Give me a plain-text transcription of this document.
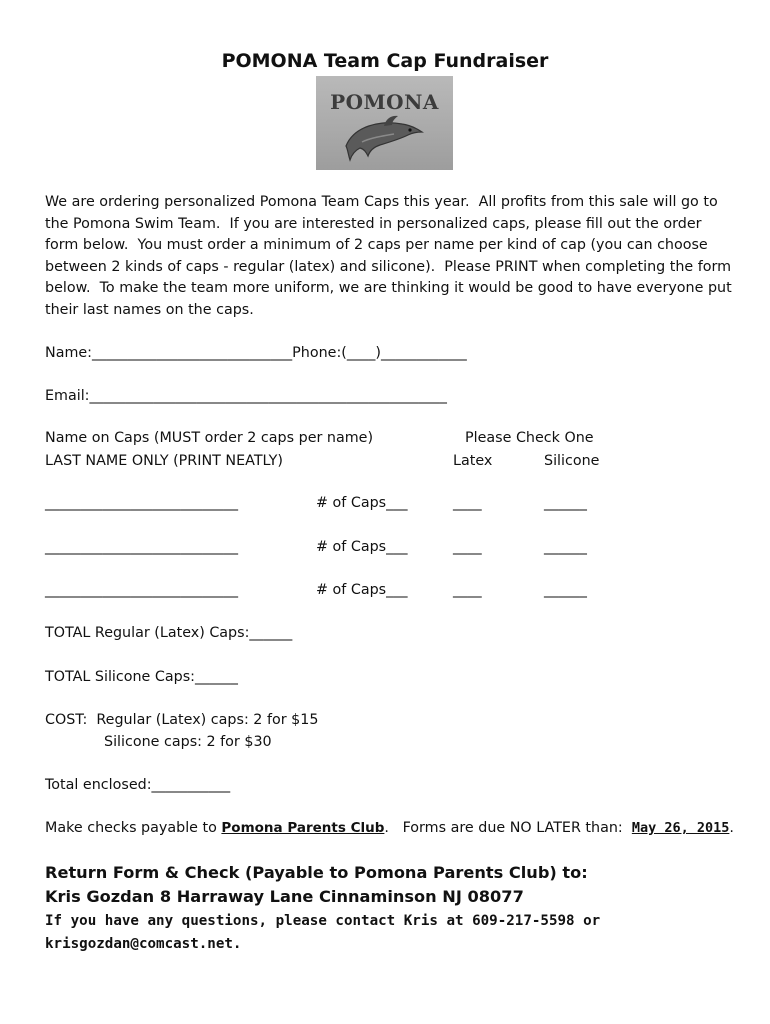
POMONA Team Cap Fundraiser
POMONA
We are ordering personalized Pomona Team Caps this year.  All profits from this sale will go to
the Pomona Swim Team.  If you are interested in personalized caps, please fill out the order
form below.  You must order a minimum of 2 caps per name per kind of cap (you can choose
between 2 kinds of caps - regular (latex) and silicone).  Please PRINT when completing the form
below.  To make the team more uniform, we are thinking it would be good to have everyone put
their last names on the caps.
Name:____________________________Phone:(____)____________
Email:__________________________________________________
Name on Caps (MUST order 2 caps per name)
LAST NAME ONLY (PRINT NEATLY)
Please Check One
Latex	Silicone
___________________________	# of Caps___	____	______
___________________________	# of Caps___	____	______
___________________________	# of Caps___	____	______
TOTAL Regular (Latex) Caps:______
TOTAL Silicone Caps:______
COST:  Regular (Latex) caps: 2 for $15
Silicone caps: 2 for $30
Total enclosed:___________
Make checks payable to Pomona Parents Club.   Forms are due NO LATER than:  May 26, 2015.
Return Form & Check (Payable to Pomona Parents Club) to:
Kris Gozdan 8 Harraway Lane Cinnaminson NJ 08077
If you have any questions, please contact Kris at 609-217-5598 or
krisgozdan@comcast.net.
